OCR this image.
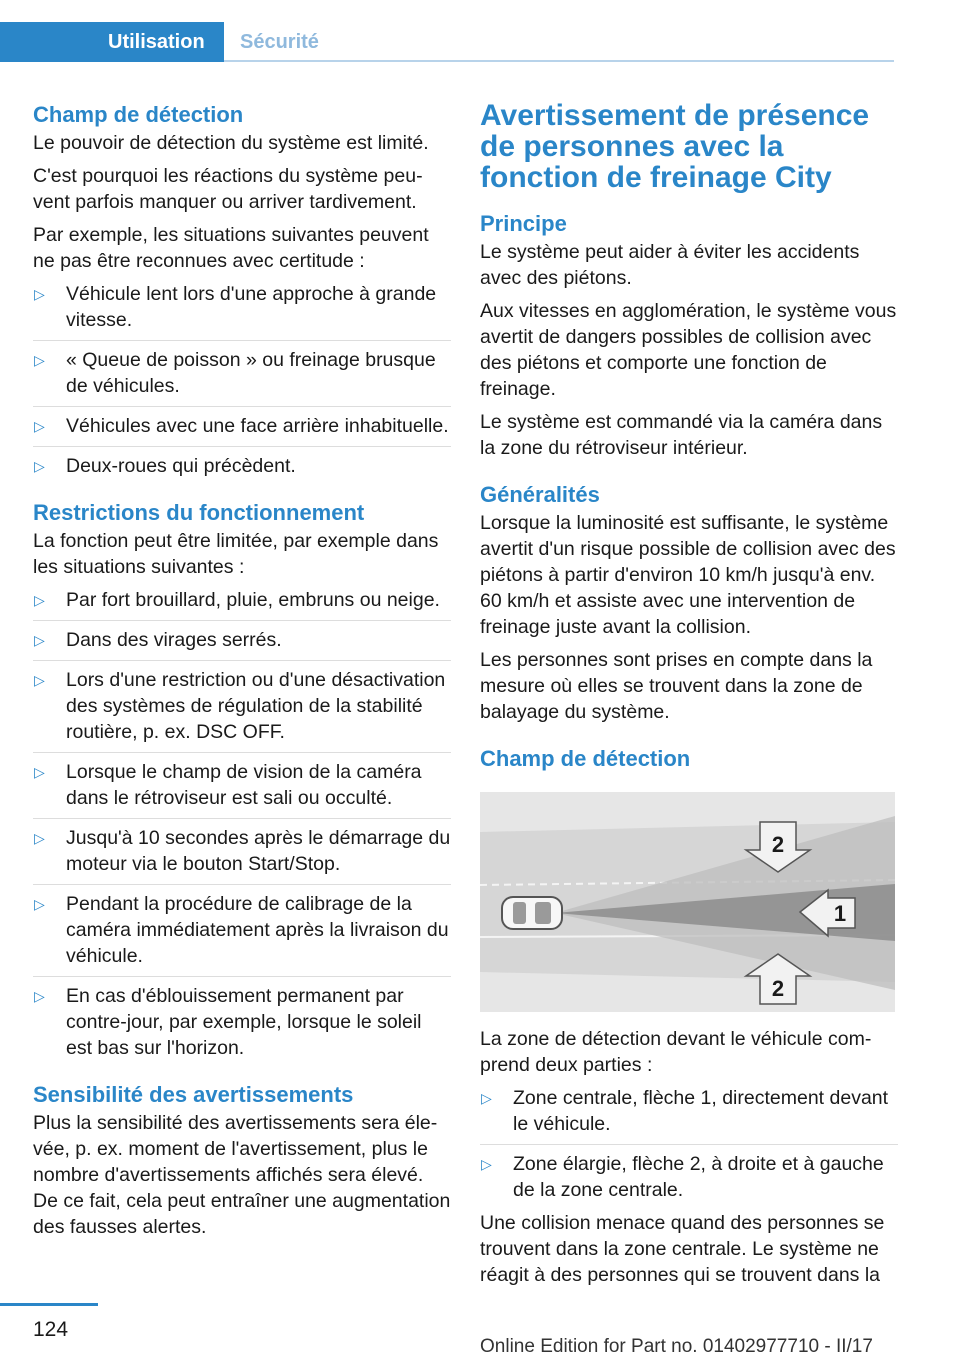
Utilisation	Sécurité
Champ de détection

Le pouvoir de détection du système est limité.

C'est pourquoi les réactions du système peuvent parfois manquer ou arriver tardivement.

Par exemple, les situations suivantes peuvent ne pas être reconnues avec certitude :

▷ Véhicule lent lors d'une approche à grande vitesse.
▷ « Queue de poisson » ou freinage brusque de véhicules.
▷ Véhicules avec une face arrière inhabituelle.
▷ Deux-roues qui précèdent.
Restrictions du fonctionnement

La fonction peut être limitée, par exemple dans les situations suivantes :

▷ Par fort brouillard, pluie, embruns ou neige.
▷ Dans des virages serrés.
▷ Lors d'une restriction ou d'une désactivation des systèmes de régulation de la stabilité routière, p. ex. DSC OFF.
▷ Lorsque le champ de vision de la caméra dans le rétroviseur est sali ou occulté.
▷ Jusqu'à 10 secondes après le démarrage du moteur via le bouton Start/Stop.
▷ Pendant la procédure de calibrage de la caméra immédiatement après la livraison du véhicule.
▷ En cas d'éblouissement permanent par contre-jour, par exemple, lorsque le soleil est bas sur l'horizon.
Sensibilité des avertissements

Plus la sensibilité des avertissements sera élevée, p. ex. moment de l'avertissement, plus le nombre d'avertissements affichés sera élevé. De ce fait, cela peut entraîner une augmentation des fausses alertes.

Avertissement de présence de personnes avec la fonction de freinage City
Principe

Le système peut aider à éviter les accidents avec des piétons.

Aux vitesses en agglomération, le système vous avertit de dangers possibles de collision avec des piétons et comporte une fonction de freinage.

Le système est commandé via la caméra dans la zone du rétroviseur intérieur.

Généralités

Lorsque la luminosité est suffisante, le système avertit d'un risque possible de collision avec des piétons à partir d'environ 10 km/h jusqu'à env. 60 km/h et assiste avec une intervention de freinage juste avant la collision.

Les personnes sont prises en compte dans la mesure où elles se trouvent dans la zone de balayage du système.

Champ de détection
2
1
2

La zone de détection devant le véhicule comprend deux parties :

▷ Zone centrale, flèche 1, directement devant le véhicule.
▷ Zone élargie, flèche 2, à droite et à gauche de la zone centrale.

Une collision menace quand des personnes se trouvent dans la zone centrale. Le système ne réagit à des personnes qui se trouvent dans la

124
Online Edition for Part no. 01402977710 - II/17
